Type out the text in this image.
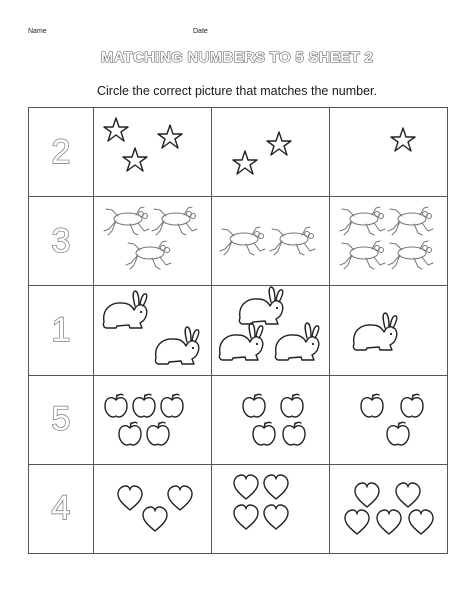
Name	Date
MATCHING NUMBERS TO 5 SHEET 2
Circle the correct picture that matches the number.
2	

3	

1	

5	

4	
